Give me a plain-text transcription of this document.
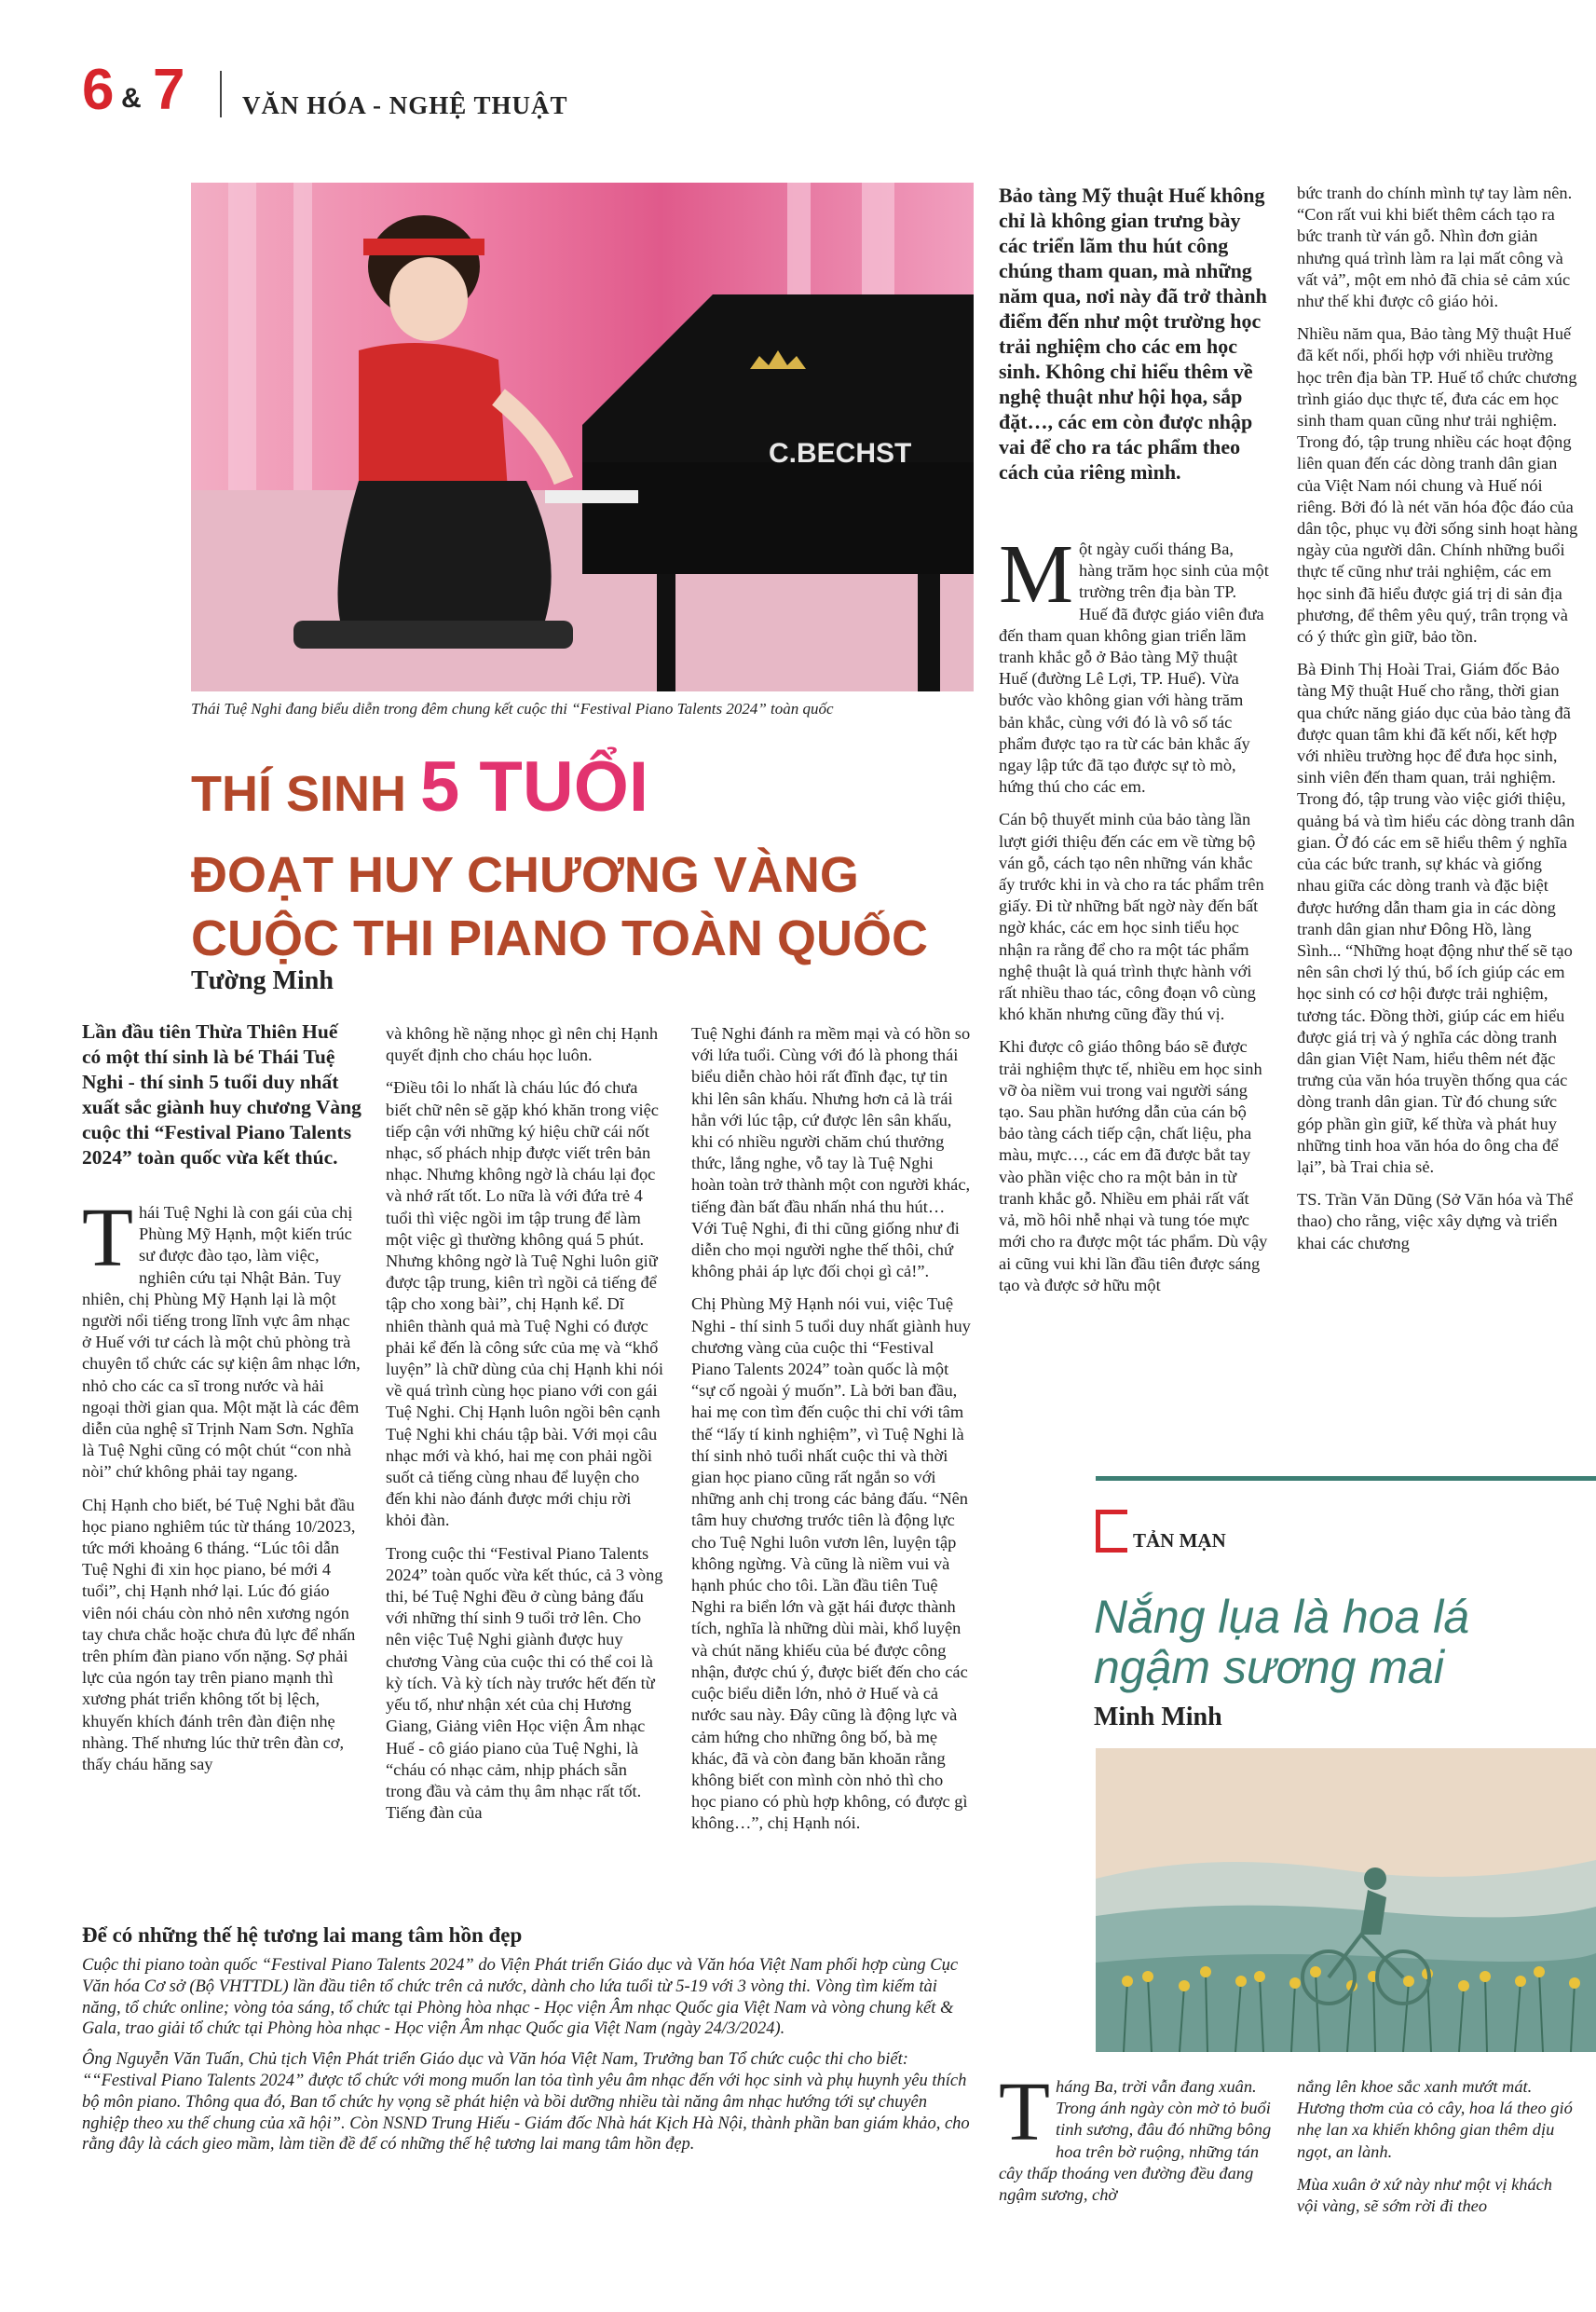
6 & 7 VĂN HÓA - NGHỆ THUẬT
C.BECHST

Thái Tuệ Nghi đang biểu diễn trong đêm chung kết cuộc thi “Festival Piano Talents 2024” toàn quốc

THÍ SINH 5 TUỔI
ĐOẠT HUY CHƯƠNG VÀNG
CUỘC THI PIANO TOÀN QUỐC
Tường Minh

Lần đầu tiên Thừa Thiên Huế có một thí sinh là bé Thái Tuệ Nghi - thí sinh 5 tuổi duy nhất xuất sắc giành huy chương Vàng cuộc thi “Festival Piano Talents 2024” toàn quốc vừa kết thúc.

Thái Tuệ Nghi là con gái của chị Phùng Mỹ Hạnh, một kiến trúc sư được đào tạo, làm việc, nghiên cứu tại Nhật Bản. Tuy nhiên, chị Phùng Mỹ Hạnh lại là một người nổi tiếng trong lĩnh vực âm nhạc ở Huế với tư cách là một chủ phòng trà chuyên tổ chức các sự kiện âm nhạc lớn, nhỏ cho các ca sĩ trong nước và hải ngoại thời gian qua. Một mặt là các đêm diễn của nghệ sĩ Trịnh Nam Sơn. Nghĩa là Tuệ Nghi cũng có một chút “con nhà nòi” chứ không phải tay ngang.

Chị Hạnh cho biết, bé Tuệ Nghi bắt đầu học piano nghiêm túc từ tháng 10/2023, tức mới khoảng 6 tháng. “Lúc tôi dẫn Tuệ Nghi đi xin học piano, bé mới 4 tuổi”, chị Hạnh nhớ lại. Lúc đó giáo viên nói cháu còn nhỏ nên xương ngón tay chưa chắc hoặc chưa đủ lực để nhấn trên phím đàn piano vốn nặng. Sợ phải lực của ngón tay trên piano mạnh thì xương phát triển không tốt bị lệch, khuyến khích đánh trên đàn điện nhẹ nhàng. Thế nhưng lúc thử trên đàn cơ, thấy cháu hăng say

và không hề nặng nhọc gì nên chị Hạnh quyết định cho cháu học luôn.

“Điều tôi lo nhất là cháu lúc đó chưa biết chữ nên sẽ gặp khó khăn trong việc tiếp cận với những ký hiệu chữ cái nốt nhạc, số phách nhịp được viết trên bản nhạc. Nhưng không ngờ là cháu lại đọc và nhớ rất tốt. Lo nữa là với đứa trẻ 4 tuổi thì việc ngồi im tập trung để làm một việc gì thường không quá 5 phút. Nhưng không ngờ là Tuệ Nghi luôn giữ được tập trung, kiên trì ngồi cả tiếng để tập cho xong bài”, chị Hạnh kể. Dĩ nhiên thành quả mà Tuệ Nghi có được phải kể đến là công sức của mẹ và “khổ luyện” là chữ dùng của chị Hạnh khi nói về quá trình cùng học piano với con gái Tuệ Nghi. Chị Hạnh luôn ngồi bên cạnh Tuệ Nghi khi cháu tập bài. Với mọi câu nhạc mới và khó, hai mẹ con phải ngồi suốt cả tiếng cùng nhau để luyện cho đến khi nào đánh được mới chịu rời khỏi đàn.

Trong cuộc thi “Festival Piano Talents 2024” toàn quốc vừa kết thúc, cả 3 vòng thi, bé Tuệ Nghi đều ở cùng bảng đấu với những thí sinh 9 tuổi trở lên. Cho nên việc Tuệ Nghi giành được huy chương Vàng của cuộc thi có thể coi là kỳ tích. Và kỳ tích này trước hết đến từ yếu tố, như nhận xét của chị Hương Giang, Giảng viên Học viện Âm nhạc Huế - cô giáo piano của Tuệ Nghi, là “cháu có nhạc cảm, nhịp phách sẵn trong đầu và cảm thụ âm nhạc rất tốt. Tiếng đàn của

Tuệ Nghi đánh ra mềm mại và có hồn so với lứa tuổi. Cùng với đó là phong thái biểu diễn chào hỏi rất đĩnh đạc, tự tin khi lên sân khấu. Nhưng hơn cả là trái hẳn với lúc tập, cứ được lên sân khấu, khi có nhiều người chăm chú thưởng thức, lắng nghe, vỗ tay là Tuệ Nghi hoàn toàn trở thành một con người khác, tiếng đàn bất đầu nhấn nhá thu hút… Với Tuệ Nghi, đi thi cũng giống như đi diễn cho mọi người nghe thế thôi, chứ không phải áp lực đối chọi gì cả!”.

Chị Phùng Mỹ Hạnh nói vui, việc Tuệ Nghi - thí sinh 5 tuổi duy nhất giành huy chương vàng của cuộc thi “Festival Piano Talents 2024” toàn quốc là một “sự cố ngoài ý muốn”. Là bởi ban đầu, hai mẹ con tìm đến cuộc thi chỉ với tâm thế “lấy tí kinh nghiệm”, vì Tuệ Nghi là thí sinh nhỏ tuổi nhất cuộc thi và thời gian học piano cũng rất ngắn so với những anh chị trong các bảng đấu. “Nên tâm huy chương trước tiên là động lực cho Tuệ Nghi luôn vươn lên, luyện tập không ngừng. Và cũng là niềm vui và hạnh phúc cho tôi. Lần đầu tiên Tuệ Nghi ra biển lớn và gặt hái được thành tích, nghĩa là những dùi mài, khổ luyện và chút năng khiếu của bé được công nhận, được chú ý, được biết đến cho các cuộc biểu diễn lớn, nhỏ ở Huế và cả nước sau này. Đây cũng là động lực và cảm hứng cho những ông bố, bà mẹ khác, đã và còn đang băn khoăn rằng không biết con mình còn nhỏ thì cho học piano có phù hợp không, có được gì không…”, chị Hạnh nói.

Để có những thế hệ tương lai mang tâm hồn đẹp

Cuộc thi piano toàn quốc “Festival Piano Talents 2024” do Viện Phát triển Giáo dục và Văn hóa Việt Nam phối hợp cùng Cục Văn hóa Cơ sở (Bộ VHTTDL) lần đầu tiên tổ chức trên cả nước, dành cho lứa tuổi từ 5-19 với 3 vòng thi. Vòng tìm kiếm tài năng, tổ chức online; vòng tỏa sáng, tổ chức tại Phòng hòa nhạc - Học viện Âm nhạc Quốc gia Việt Nam và vòng chung kết & Gala, trao giải tổ chức tại Phòng hòa nhạc - Học viện Âm nhạc Quốc gia Việt Nam (ngày 24/3/2024).

Ông Nguyễn Văn Tuấn, Chủ tịch Viện Phát triển Giáo dục và Văn hóa Việt Nam, Trưởng ban Tổ chức cuộc thi cho biết: ““Festival Piano Talents 2024” được tổ chức với mong muốn lan tỏa tình yêu âm nhạc đến với học sinh và phụ huynh yêu thích bộ môn piano. Thông qua đó, Ban tổ chức hy vọng sẽ phát hiện và bồi dưỡng nhiều tài năng âm nhạc hướng tới sự chuyên nghiệp theo xu thế chung của xã hội”. Còn NSND Trung Hiếu - Giám đốc Nhà hát Kịch Hà Nội, thành phần ban giám khảo, cho rằng đây là cách gieo mầm, làm tiền đề để có những thế hệ tương lai mang tâm hồn đẹp.

Bảo tàng Mỹ thuật Huế không chỉ là không gian trưng bày các triển lãm thu hút công chúng tham quan, mà những năm qua, nơi này đã trở thành điểm đến như một trường học trải nghiệm cho các em học sinh. Không chỉ hiểu thêm về nghệ thuật như hội họa, sắp đặt…, các em còn được nhập vai để cho ra tác phẩm theo cách của riêng mình.

Một ngày cuối tháng Ba, hàng trăm học sinh của một trường trên địa bàn TP. Huế đã được giáo viên đưa đến tham quan không gian triển lãm tranh khắc gỗ ở Bảo tàng Mỹ thuật Huế (đường Lê Lợi, TP. Huế). Vừa bước vào không gian với hàng trăm bản khắc, cùng với đó là vô số tác phẩm được tạo ra từ các bản khắc ấy ngay lập tức đã tạo được sự tò mò, hứng thú cho các em.

Cán bộ thuyết minh của bảo tàng lần lượt giới thiệu đến các em về từng bộ ván gỗ, cách tạo nên những ván khắc ấy trước khi in và cho ra tác phẩm trên giấy. Đi từ những bất ngờ này đến bất ngờ khác, các em học sinh tiểu học nhận ra rằng để cho ra một tác phẩm nghệ thuật là quá trình thực hành với rất nhiều thao tác, công đoạn vô cùng khó khăn nhưng cũng đầy thú vị.

Khi được cô giáo thông báo sẽ được trải nghiệm thực tế, nhiều em học sinh vỡ òa niềm vui trong vai người sáng tạo. Sau phần hướng dẫn của cán bộ bảo tàng cách tiếp cận, chất liệu, pha màu, mực…, các em đã được bắt tay vào phần việc cho ra một bản in từ tranh khắc gỗ. Nhiều em phải rất vất vả, mồ hôi nhễ nhại và tung tóe mực mới cho ra được một tác phẩm. Dù vậy ai cũng vui khi lần đầu tiên được sáng tạo và được sở hữu một

bức tranh do chính mình tự tay làm nên. “Con rất vui khi biết thêm cách tạo ra bức tranh từ ván gỗ. Nhìn đơn giản nhưng quá trình làm ra lại mất công và vất vả”, một em nhỏ đã chia sẻ cảm xúc như thế khi được cô giáo hỏi.

Nhiều năm qua, Bảo tàng Mỹ thuật Huế đã kết nối, phối hợp với nhiều trường học trên địa bàn TP. Huế tổ chức chương trình giáo dục thực tế, đưa các em học sinh tham quan cũng như trải nghiệm. Trong đó, tập trung nhiều các hoạt động liên quan đến các dòng tranh dân gian của Việt Nam nói chung và Huế nói riêng. Bởi đó là nét văn hóa độc đáo của dân tộc, phục vụ đời sống sinh hoạt hàng ngày của người dân. Chính những buổi thực tế cũng như trải nghiệm, các em học sinh đã hiểu được giá trị di sản địa phương, để thêm yêu quý, trân trọng và có ý thức gìn giữ, bảo tồn.

Bà Đinh Thị Hoài Trai, Giám đốc Bảo tàng Mỹ thuật Huế cho rằng, thời gian qua chức năng giáo dục của bảo tàng đã được quan tâm khi đã kết nối, kết hợp với nhiều trường học để đưa học sinh, sinh viên đến tham quan, trải nghiệm. Trong đó, tập trung vào việc giới thiệu, quảng bá và tìm hiểu các dòng tranh dân gian. Ở đó các em sẽ hiểu thêm ý nghĩa của các bức tranh, sự khác và giống nhau giữa các dòng tranh và đặc biệt được hướng dẫn tham gia in các dòng tranh dân gian như Đông Hồ, làng Sình... “Những hoạt động như thế sẽ tạo nên sân chơi lý thú, bổ ích giúp các em học sinh có cơ hội được trải nghiệm, tương tác. Đồng thời, giúp các em hiểu được giá trị và ý nghĩa các dòng tranh dân gian Việt Nam, hiểu thêm nét đặc trưng của văn hóa truyền thống qua các dòng tranh dân gian. Từ đó chung sức góp phần gìn giữ, kế thừa và phát huy những tinh hoa văn hóa do ông cha để lại”, bà Trai chia sẻ.

TS. Trần Văn Dũng (Sở Văn hóa và Thể thao) cho rằng, việc xây dựng và triển khai các chương

TẢN MẠN
Nắng lụa là hoa lá
ngậm sương mai
Minh Minh

Tháng Ba, trời vẫn đang xuân. Trong ánh ngày còn mờ tỏ buổi tinh sương, đâu đó những bông hoa trên bờ ruộng, những tán cây thấp thoáng ven đường đều đang ngậm sương, chờ

nắng lên khoe sắc xanh mướt mát. Hương thơm của cỏ cây, hoa lá theo gió nhẹ lan xa khiến không gian thêm dịu ngọt, an lành.

Mùa xuân ở xứ này như một vị khách vội vàng, sẽ sớm rời đi theo
